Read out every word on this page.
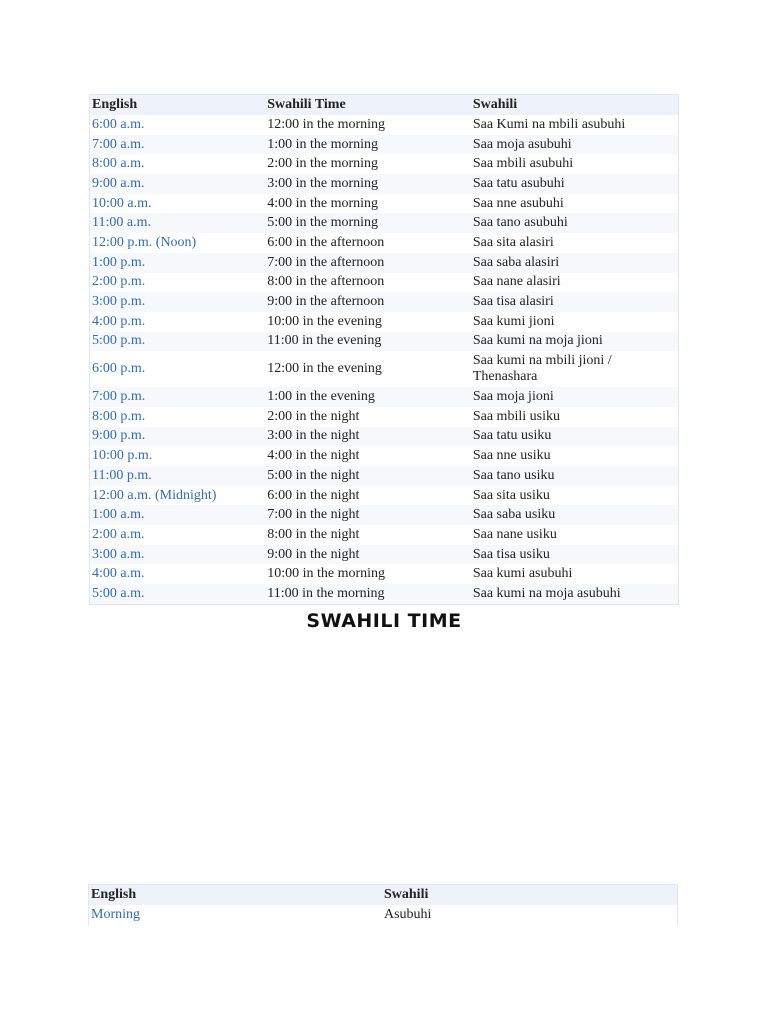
English	Swahili Time	Swahili
6:00 a.m.	12:00 in the morning	Saa Kumi na mbili asubuhi
7:00 a.m.	1:00 in the morning	Saa moja asubuhi
8:00 a.m.	2:00 in the morning	Saa mbili asubuhi
9:00 a.m.	3:00 in the morning	Saa tatu asubuhi
10:00 a.m.	4:00 in the morning	Saa nne asubuhi
11:00 a.m.	5:00 in the morning	Saa tano asubuhi
12:00 p.m. (Noon)	6:00 in the afternoon	Saa sita alasiri
1:00 p.m.	7:00 in the afternoon	Saa saba alasiri
2:00 p.m.	8:00 in the afternoon	Saa nane alasiri
3:00 p.m.	9:00 in the afternoon	Saa tisa alasiri
4:00 p.m.	10:00 in the evening	Saa kumi jioni
5:00 p.m.	11:00 in the evening	Saa kumi na moja jioni
6:00 p.m.	12:00 in the evening	Saa kumi na mbili jioni / Thenashara
7:00 p.m.	1:00 in the evening	Saa moja jioni
8:00 p.m.	2:00 in the night	Saa mbili usiku
9:00 p.m.	3:00 in the night	Saa tatu usiku
10:00 p.m.	4:00 in the night	Saa nne usiku
11:00 p.m.	5:00 in the night	Saa tano usiku
12:00 a.m. (Midnight)	6:00 in the night	Saa sita usiku
1:00 a.m.	7:00 in the night	Saa saba usiku
2:00 a.m.	8:00 in the night	Saa nane usiku
3:00 a.m.	9:00 in the night	Saa tisa usiku
4:00 a.m.	10:00 in the morning	Saa kumi asubuhi
5:00 a.m.	11:00 in the morning	Saa kumi na moja asubuhi
SWAHILI TIME
English	Swahili
Morning	Asubuhi
